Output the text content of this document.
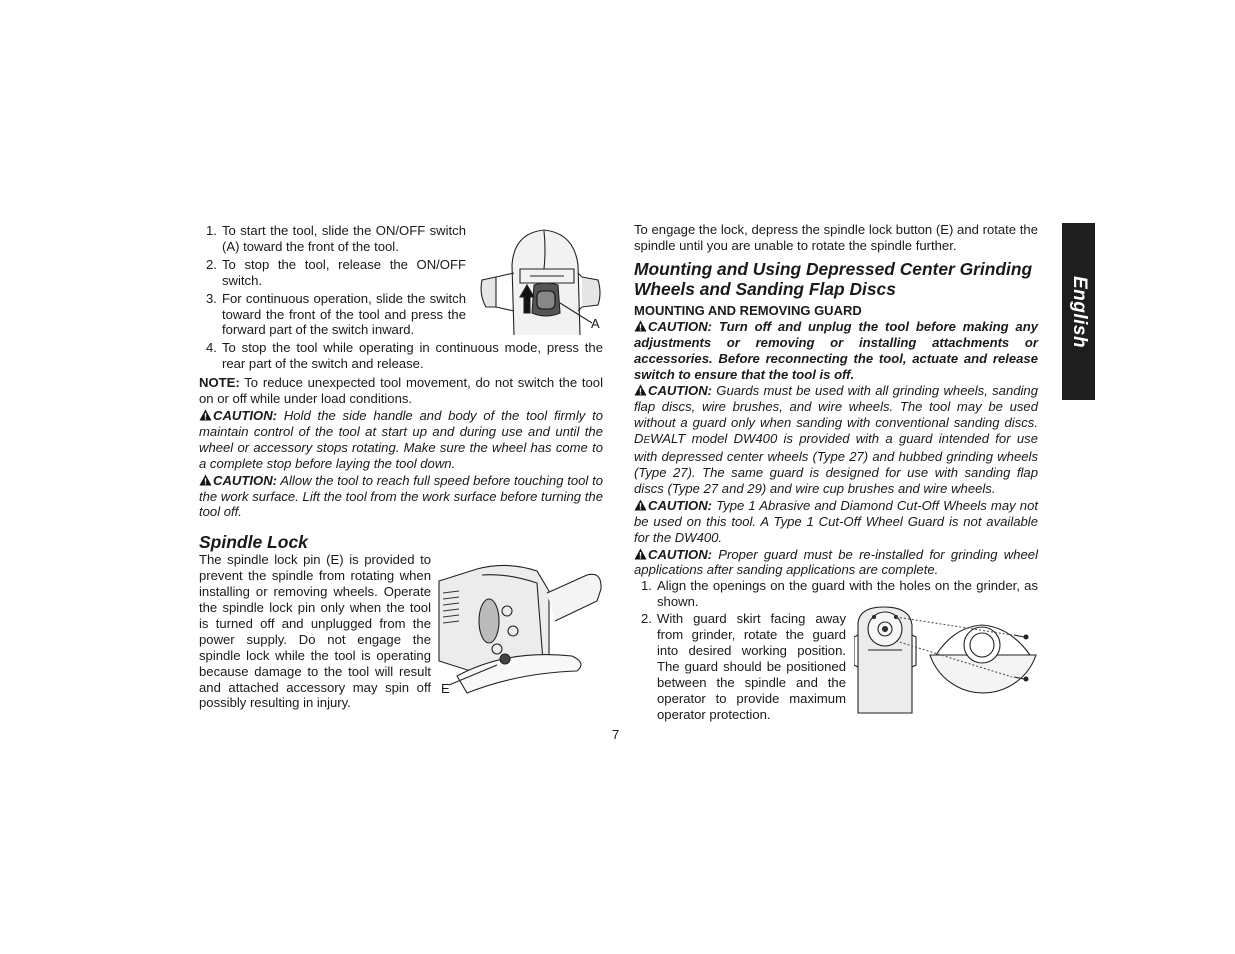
1. To start the tool, slide the ON/OFF switch (A) toward the front of the tool.
2. To stop the tool, release the ON/OFF switch.
3. For continuous operation, slide the switch toward the front of the tool and press the forward part of the switch inward.
4. To stop the tool while operating in continuous mode, press the rear part of the switch and release.
A

NOTE: To reduce unexpected tool movement, do not switch the tool on or off while under load conditions.

CAUTION: Hold the side handle and body of the tool firmly to maintain control of the tool at start up and during use and until the wheel or accessory stops rotating. Make sure the wheel has come to a complete stop before laying the tool down.

CAUTION: Allow the tool to reach full speed before touching tool to the work surface. Lift the tool from the work surface before turning the tool off.

Spindle Lock

The spindle lock pin (E) is provided to prevent the spindle from rotating when installing or removing wheels. Operate the spindle lock pin only when the tool is turned off and unplugged from the power supply. Do not engage the spindle lock while the tool is operating because damage to the tool will result and attached accessory may spin off possibly resulting in injury.

E

To engage the lock, depress the spindle lock button (E) and rotate the spindle until you are unable to rotate the spindle further.

Mounting and Using Depressed Center Grinding Wheels and Sanding Flap Discs
MOUNTING AND REMOVING GUARD

CAUTION: Turn off and unplug the tool before making any adjustments or removing or installing attachments or accessories. Before reconnecting the tool, actuate and release switch to ensure that the tool is off.

CAUTION: Guards must be used with all grinding wheels, sanding flap discs, wire brushes, and wire wheels. The tool may be used without a guard only when sanding with conventional sanding discs. DEWALT model DW400 is provided with a guard intended for use with depressed center wheels (Type 27) and hubbed grinding wheels (Type 27). The same guard is designed for use with sanding flap discs (Type 27 and 29) and wire cup brushes and wire wheels.

CAUTION: Type 1 Abrasive and Diamond Cut-Off Wheels may not be used on this tool. A Type 1 Cut-Off Wheel Guard is not available for the DW400.

CAUTION: Proper guard must be re-installed for grinding wheel applications after sanding applications are complete.

1. Align the openings on the guard with the holes on the grinder, as shown.
2. With guard skirt facing away from grinder, rotate the guard into desired working position. The guard should be positioned between the spindle and the operator to provide maximum operator protection.
7
English
